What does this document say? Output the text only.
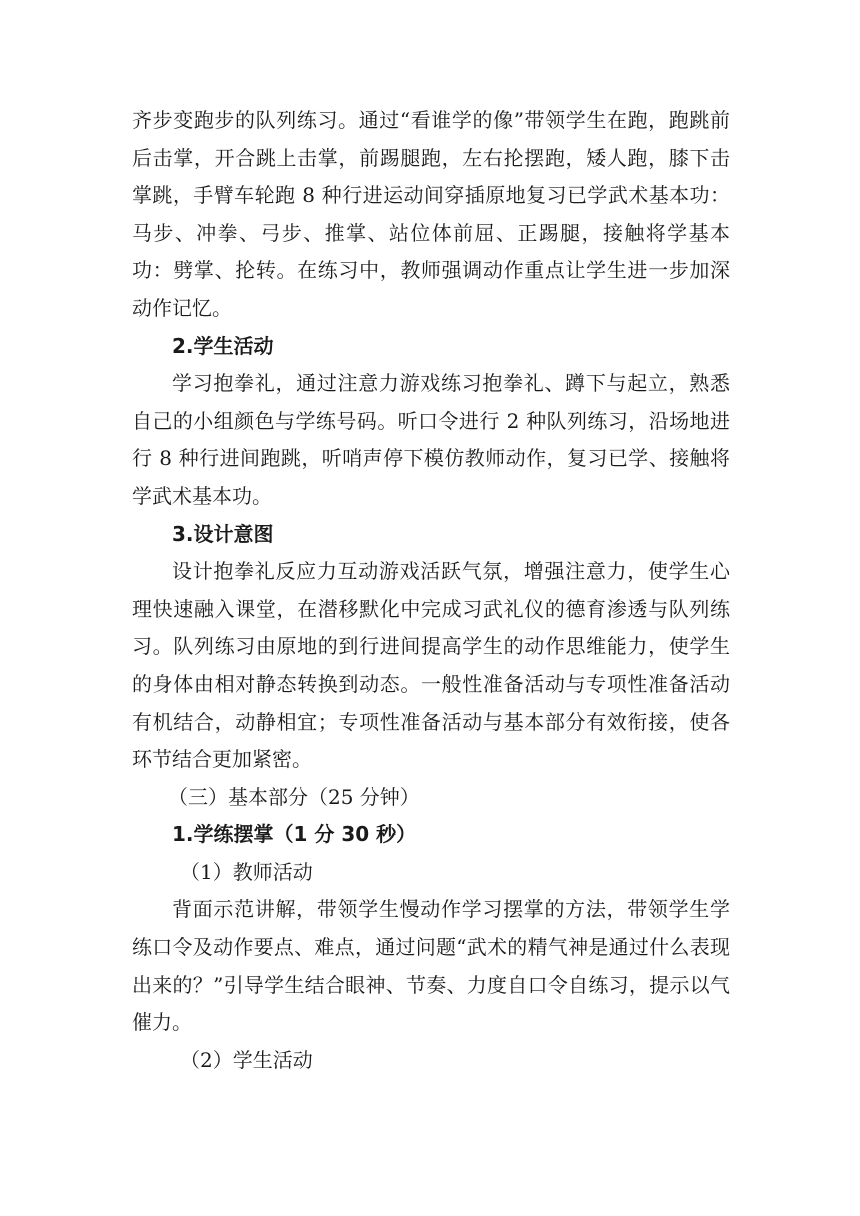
齐步变跑步的队列练习。通过“看谁学的像”带领学生在跑，跑跳前后击掌，开合跳上击掌，前踢腿跑，左右抡摆跑，矮人跑，膝下击掌跳，手臂车轮跑 8 种行进运动间穿插原地复习已学武术基本功：马步、冲拳、弓步、推掌、站位体前屈、正踢腿，接触将学基本功：劈掌、抡转。在练习中，教师强调动作重点让学生进一步加深动作记忆。

2.学生活动

学习抱拳礼，通过注意力游戏练习抱拳礼、蹲下与起立，熟悉自己的小组颜色与学练号码。听口令进行 2 种队列练习，沿场地进行 8 种行进间跑跳，听哨声停下模仿教师动作，复习已学、接触将学武术基本功。

3.设计意图

设计抱拳礼反应力互动游戏活跃气氛，增强注意力，使学生心理快速融入课堂，在潜移默化中完成习武礼仪的德育渗透与队列练习。队列练习由原地的到行进间提高学生的动作思维能力，使学生的身体由相对静态转换到动态。一般性准备活动与专项性准备活动有机结合，动静相宜；专项性准备活动与基本部分有效衔接，使各环节结合更加紧密。

（三）基本部分（25 分钟）

1.学练摆掌（1 分 30 秒）

（1）教师活动

背面示范讲解，带领学生慢动作学习摆掌的方法，带领学生学练口令及动作要点、难点，通过问题“武术的精气神是通过什么表现出来的？”引导学生结合眼神、节奏、力度自口令自练习，提示以气催力。

（2）学生活动
